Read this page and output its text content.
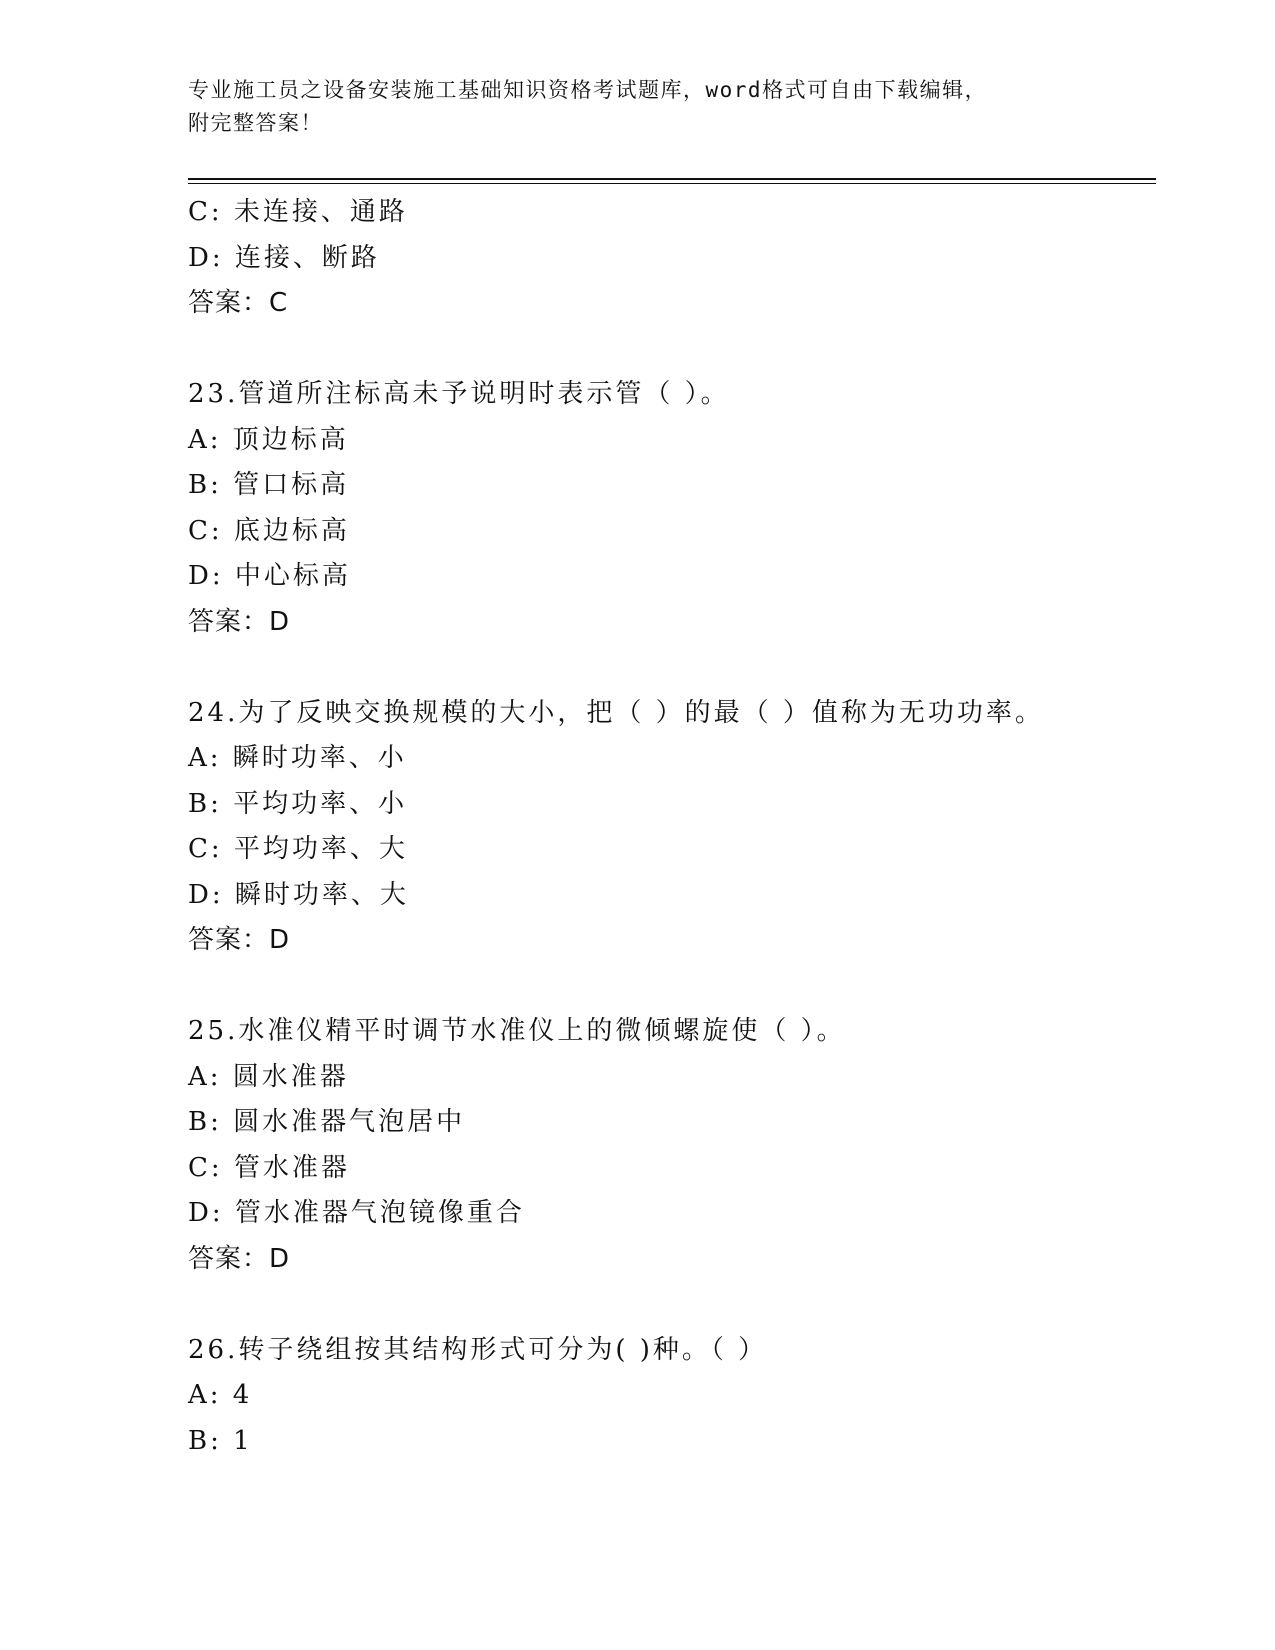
专业施工员之设备安装施工基础知识资格考试题库，word格式可自由下载编辑，
附完整答案！
C: 未连接、通路
D: 连接、断路
答案：C
23.管道所注标高未予说明时表示管（ ）。
A: 顶边标高
B: 管口标高
C: 底边标高
D: 中心标高
答案：D
24.为了反映交换规模的大小，把（ ）的最（ ）值称为无功功率。
A: 瞬时功率、小
B: 平均功率、小
C: 平均功率、大
D: 瞬时功率、大
答案：D
25.水准仪精平时调节水准仪上的微倾螺旋使（ ）。
A: 圆水准器
B: 圆水准器气泡居中
C: 管水准器
D: 管水准器气泡镜像重合
答案：D
26.转子绕组按其结构形式可分为( )种。（ ）
A: 4
B: 1
